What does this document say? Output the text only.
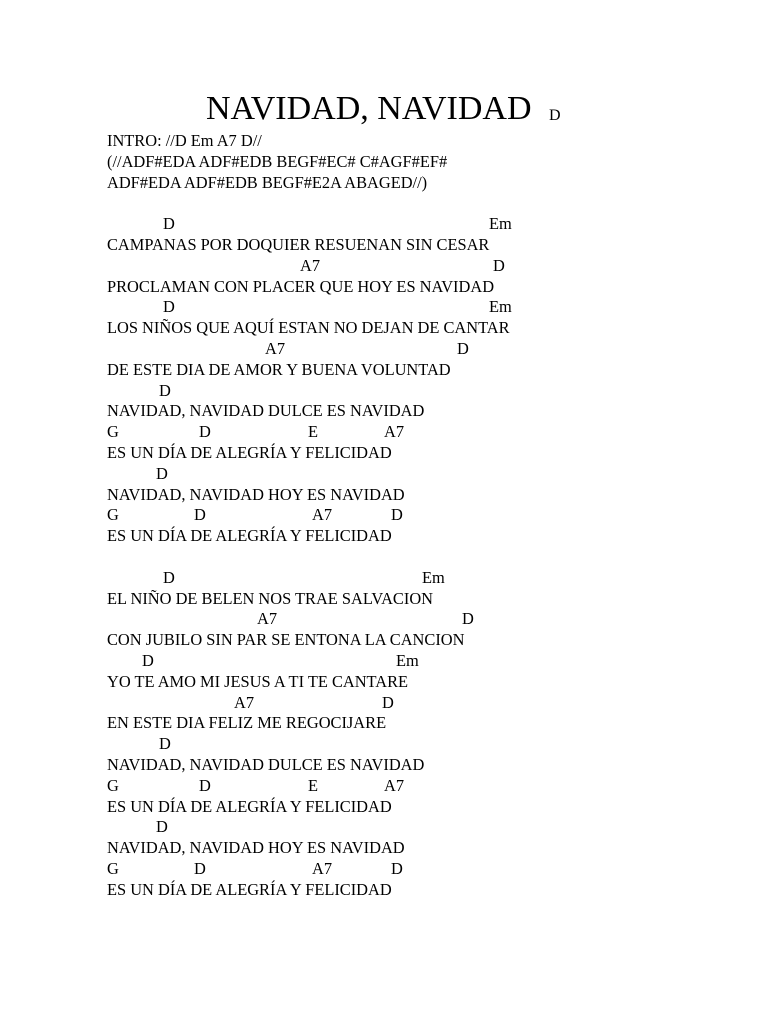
NAVIDAD, NAVIDAD D
INTRO: //D Em A7 D//
(//ADF#EDA ADF#EDB BEGF#EC# C#AGF#EF#
ADF#EDA ADF#EDB BEGF#E2A ABAGED//)
D	Em
CAMPANAS POR DOQUIER RESUENAN SIN CESAR
A7	D
PROCLAMAN CON PLACER QUE HOY ES NAVIDAD
D	Em
LOS NIÑOS QUE AQUÍ ESTAN NO DEJAN DE CANTAR
A7	D
DE ESTE DIA DE AMOR Y BUENA VOLUNTAD
D
NAVIDAD, NAVIDAD DULCE ES NAVIDAD
G	D	E	A7
ES UN DÍA DE ALEGRÍA Y FELICIDAD
D
NAVIDAD, NAVIDAD HOY ES NAVIDAD
G	D	A7	D
ES UN DÍA DE ALEGRÍA Y FELICIDAD
D	Em
EL NIÑO DE BELEN NOS TRAE SALVACION
A7	D
CON JUBILO SIN PAR SE ENTONA LA CANCION
D	Em
YO TE AMO MI JESUS A TI TE CANTARE
A7	D
EN ESTE DIA FELIZ ME REGOCIJARE
D
NAVIDAD, NAVIDAD DULCE ES NAVIDAD
G	D	E	A7
ES UN DÍA DE ALEGRÍA Y FELICIDAD
D
NAVIDAD, NAVIDAD HOY ES NAVIDAD
G	D	A7	D
ES UN DÍA DE ALEGRÍA Y FELICIDAD
